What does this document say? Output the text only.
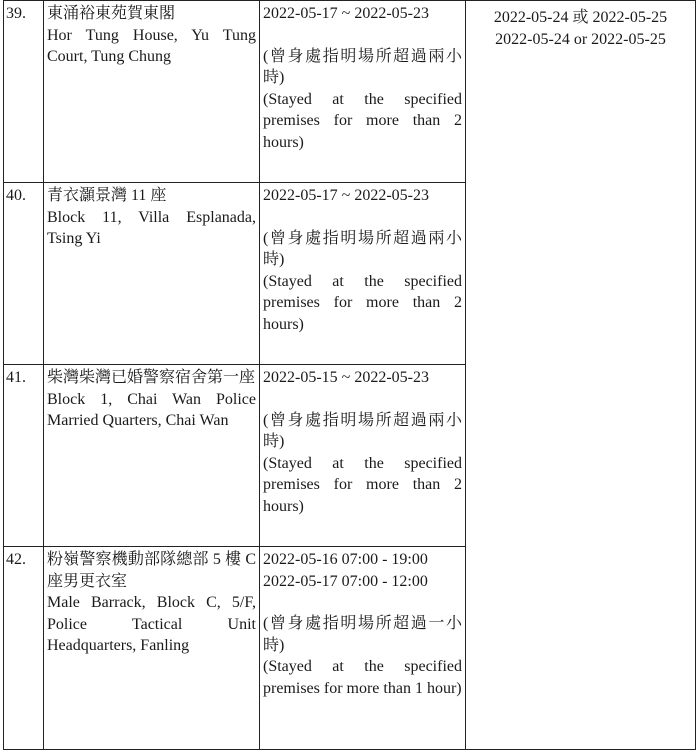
39.	東涌裕東苑賀東閣
Hor Tung House, Yu Tung Court, Tung Chung	2022-05-17 ~ 2022-05-23
(曾身處指明場所超過兩小時)
(Stayed at the specified premises for more than 2 hours)	2022-05-24 或 2022-05-25
2022-05-24 or 2022-05-25

40.	青衣灝景灣 11 座
Block 11, Villa Esplanada, Tsing Yi	2022-05-17 ~ 2022-05-23
(曾身處指明場所超過兩小時)
(Stayed at the specified premises for more than 2 hours)	

41.	柴灣柴灣已婚警察宿舍第一座
Block 1, Chai Wan Police Married Quarters, Chai Wan	2022-05-15 ~ 2022-05-23
(曾身處指明場所超過兩小時)
(Stayed at the specified premises for more than 2 hours)	

42.	粉嶺警察機動部隊總部 5 樓 C 座男更衣室
Male Barrack, Block C, 5/F, Police Tactical Unit Headquarters, Fanling	2022-05-16 07:00 - 19:00
2022-05-17 07:00 - 12:00
(曾身處指明場所超過一小時)
(Stayed at the specified premises for more than 1 hour)	
